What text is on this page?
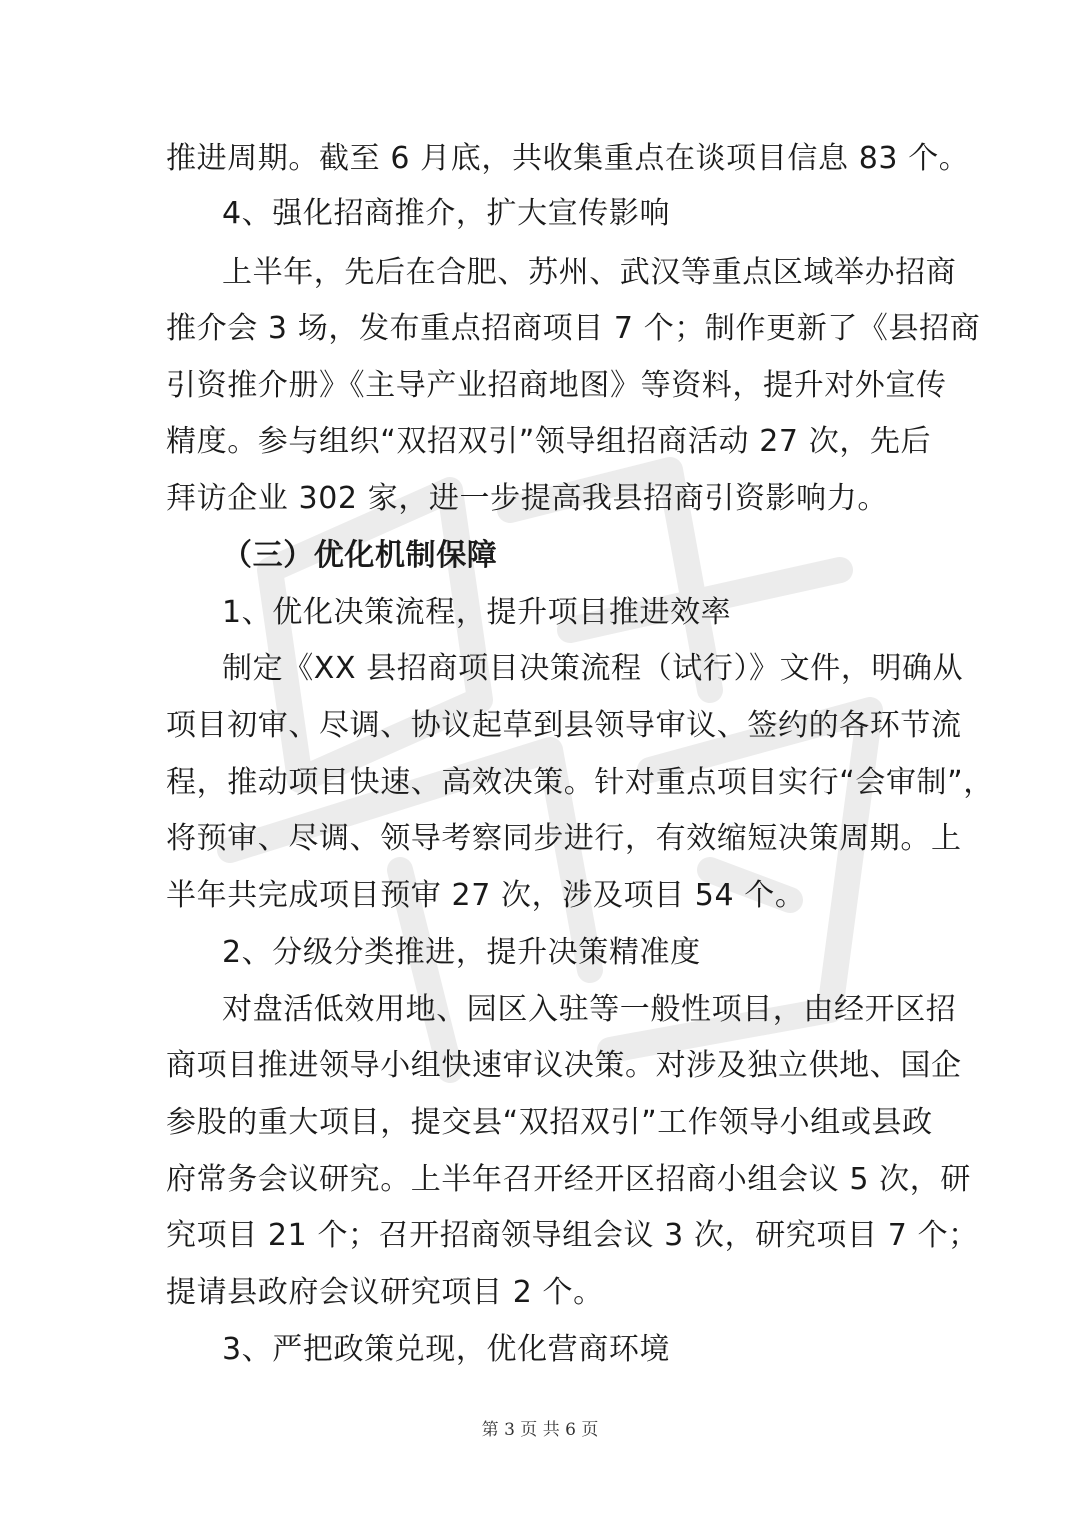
推进周期。截至 6 月底，共收集重点在谈项目信息 83 个。
4、强化招商推介，扩大宣传影响
上半年，先后在合肥、苏州、武汉等重点区域举办招商
推介会 3 场，发布重点招商项目 7 个；制作更新了《县招商
引资推介册》《主导产业招商地图》等资料，提升对外宣传
精度。参与组织“双招双引”领导组招商活动 27 次，先后
拜访企业 302 家，进一步提高我县招商引资影响力。
（三）优化机制保障
1、优化决策流程，提升项目推进效率
制定《XX 县招商项目决策流程（试行）》文件，明确从
项目初审、尽调、协议起草到县领导审议、签约的各环节流
程，推动项目快速、高效决策。针对重点项目实行“会审制”，
将预审、尽调、领导考察同步进行，有效缩短决策周期。上
半年共完成项目预审 27 次，涉及项目 54 个。
2、分级分类推进，提升决策精准度
对盘活低效用地、园区入驻等一般性项目，由经开区招
商项目推进领导小组快速审议决策。对涉及独立供地、国企
参股的重大项目，提交县“双招双引”工作领导小组或县政
府常务会议研究。上半年召开经开区招商小组会议 5 次，研
究项目 21 个；召开招商领导组会议 3 次，研究项目 7 个；
提请县政府会议研究项目 2 个。
3、严把政策兑现，优化营商环境
第 3 页 共 6 页
